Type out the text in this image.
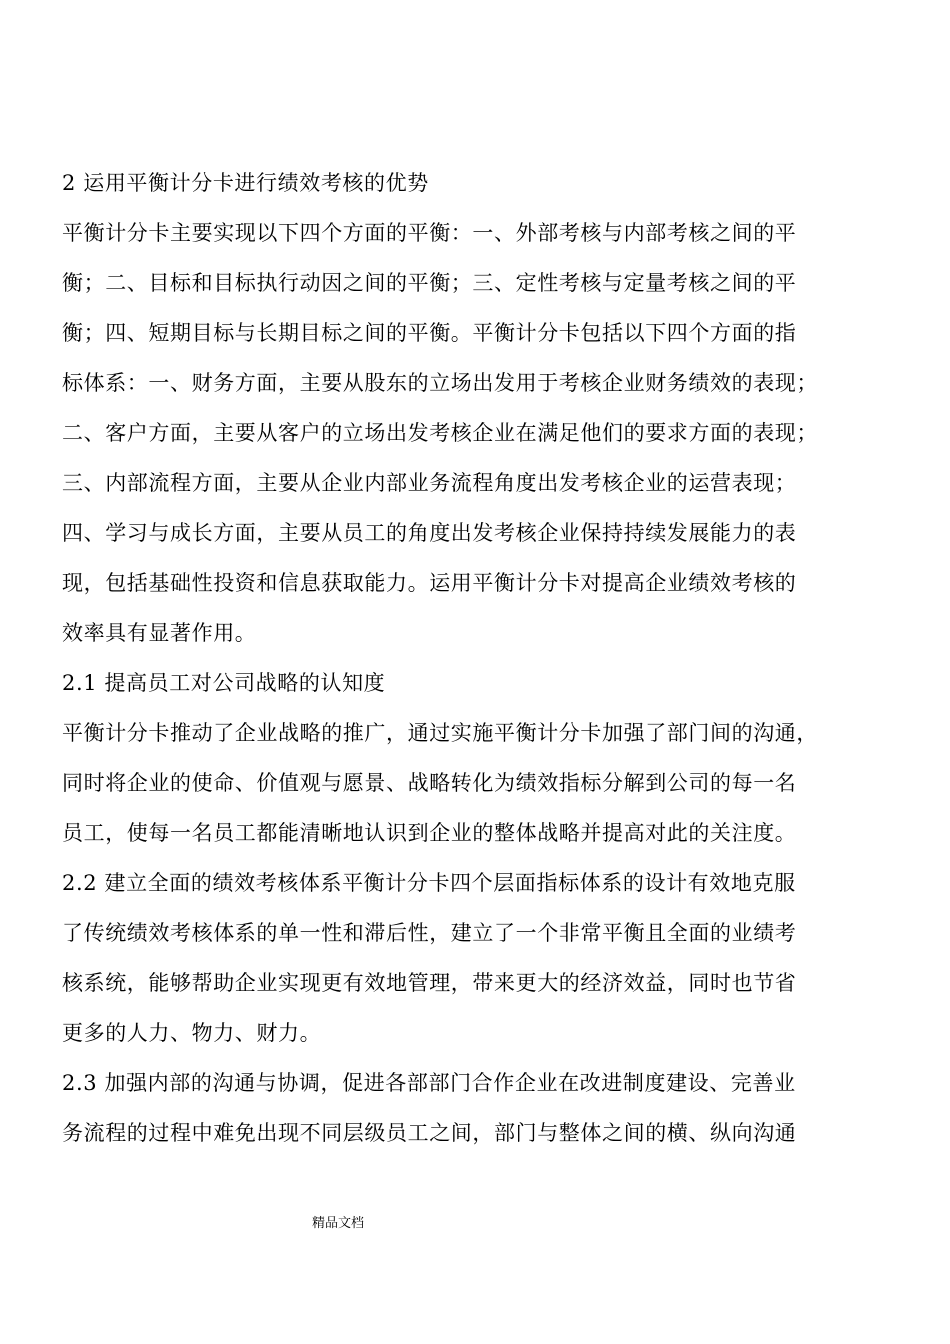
2 运用平衡计分卡进行绩效考核的优势
平衡计分卡主要实现以下四个方面的平衡：一、外部考核与内部考核之间的平
衡；二、目标和目标执行动因之间的平衡；三、定性考核与定量考核之间的平
衡；四、短期目标与长期目标之间的平衡。平衡计分卡包括以下四个方面的指
标体系：一、财务方面，主要从股东的立场出发用于考核企业财务绩效的表现；
二、客户方面，主要从客户的立场出发考核企业在满足他们的要求方面的表现；
三、内部流程方面，主要从企业内部业务流程角度出发考核企业的运营表现；
四、学习与成长方面，主要从员工的角度出发考核企业保持持续发展能力的表
现，包括基础性投资和信息获取能力。运用平衡计分卡对提高企业绩效考核的
效率具有显著作用。
2.1 提高员工对公司战略的认知度
平衡计分卡推动了企业战略的推广，通过实施平衡计分卡加强了部门间的沟通，
同时将企业的使命、价值观与愿景、战略转化为绩效指标分解到公司的每一名
员工，使每一名员工都能清晰地认识到企业的整体战略并提高对此的关注度。
2.2 建立全面的绩效考核体系平衡计分卡四个层面指标体系的设计有效地克服
了传统绩效考核体系的单一性和滞后性，建立了一个非常平衡且全面的业绩考
核系统，能够帮助企业实现更有效地管理，带来更大的经济效益，同时也节省
更多的人力、物力、财力。
2.3 加强内部的沟通与协调，促进各部部门合作企业在改进制度建设、完善业
务流程的过程中难免出现不同层级员工之间，部门与整体之间的横、纵向沟通
精品文档
